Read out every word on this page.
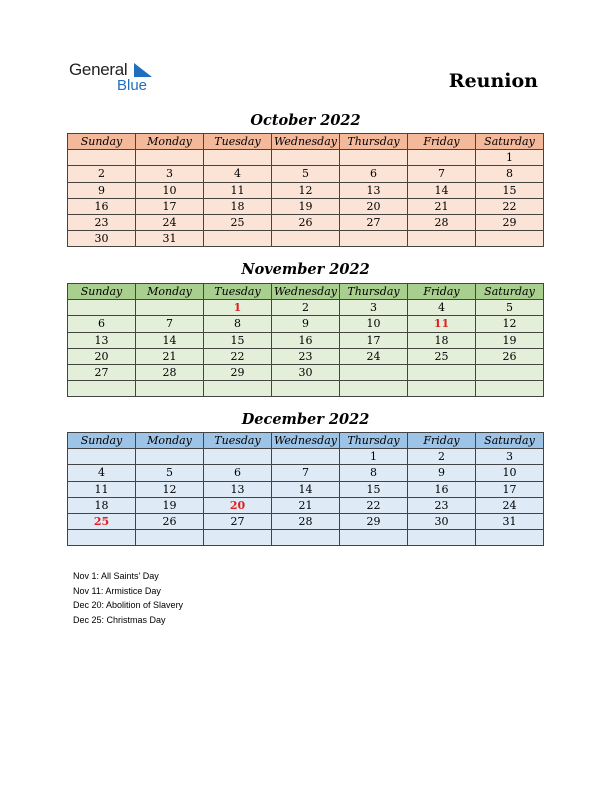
General
Blue	Reunion
October 2022
Sunday	Monday	Tuesday	Wednesday	Thursday	Friday	Saturday
						1
2	3	4	5	6	7	8
9	10	11	12	13	14	15
16	17	18	19	20	21	22
23	24	25	26	27	28	29
30	31					
November 2022
Sunday	Monday	Tuesday	Wednesday	Thursday	Friday	Saturday
		1	2	3	4	5
6	7	8	9	10	11	12
13	14	15	16	17	18	19
20	21	22	23	24	25	26
27	28	29	30			

December 2022
Sunday	Monday	Tuesday	Wednesday	Thursday	Friday	Saturday
				1	2	3
4	5	6	7	8	9	10
11	12	13	14	15	16	17
18	19	20	21	22	23	24
25	26	27	28	29	30	31

Nov 1: All Saints' Day
Nov 11: Armistice Day
Dec 20: Abolition of Slavery
Dec 25: Christmas Day
